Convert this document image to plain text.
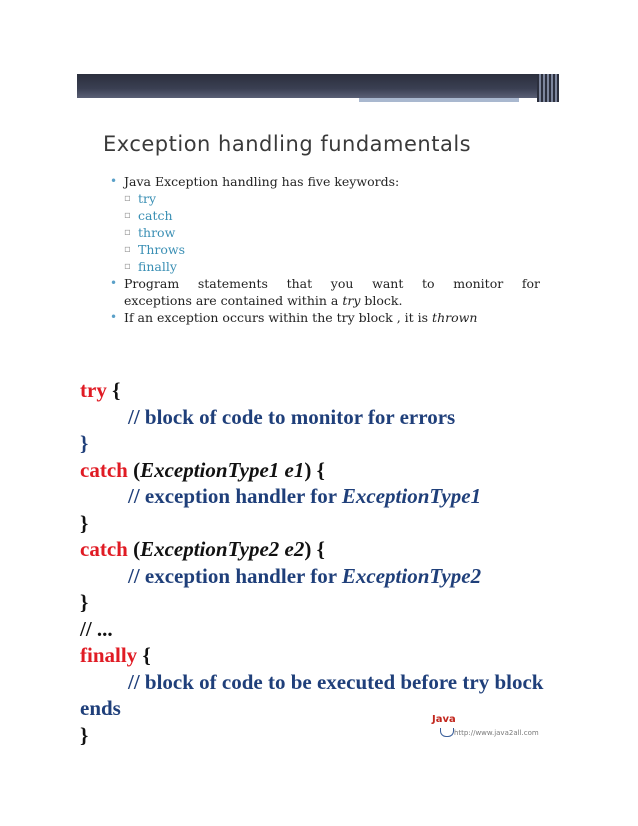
Exception handling fundamentals
• Java Exception handling has five keywords:
▫ try
▫ catch
▫ throw
▫ Throws
▫ finally
• Program statements that you want to monitor for
exceptions are contained within a try block.
• If an exception occurs within the try block , it is thrown
try {
// block of code to monitor for errors
}
catch (ExceptionType1 e1) {
// exception handler for ExceptionType1
}
catch (ExceptionType2 e2) {
// exception handler for ExceptionType2
}
// ...
finally {
// block of code to be executed before try block
ends
}
Java
http://www.java2all.com
